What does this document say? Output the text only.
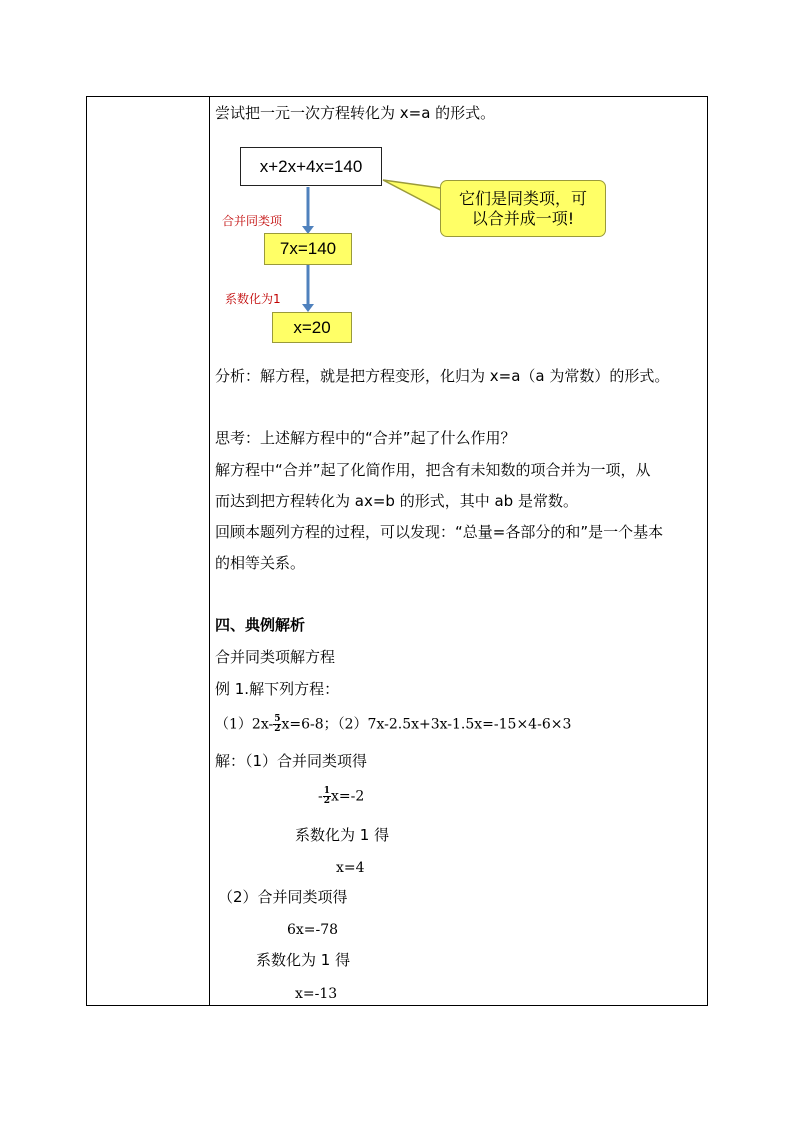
尝试把一元一次方程转化为 x=a 的形式。
x+2x+4x=140
它们是同类项，可
以合并成一项!
合并同类项
7x=140
系数化为1
x=20
分析：解方程，就是把方程变形，化归为 x=a（a 为常数）的形式。
思考：上述解方程中的“合并”起了什么作用？
解方程中“合并”起了化简作用，把含有未知数的项合并为一项，从
而达到把方程转化为 ax=b 的形式，其中 ab 是常数。
回顾本题列方程的过程，可以发现：“总量=各部分的和”是一个基本
的相等关系。
四、典例解析
合并同类项解方程
例 1.解下列方程：
$(1)2x- \frac{5}{2} x=6-8$；（2）7x-2.5x+3x-1.5x=-15×4-6×3
解：（1）合并同类项得
- $\frac{1}{2} x=-2$
系数化为 1 得
x=4
（2）合并同类项得
6x=-78
系数化为 1 得
x=-13
